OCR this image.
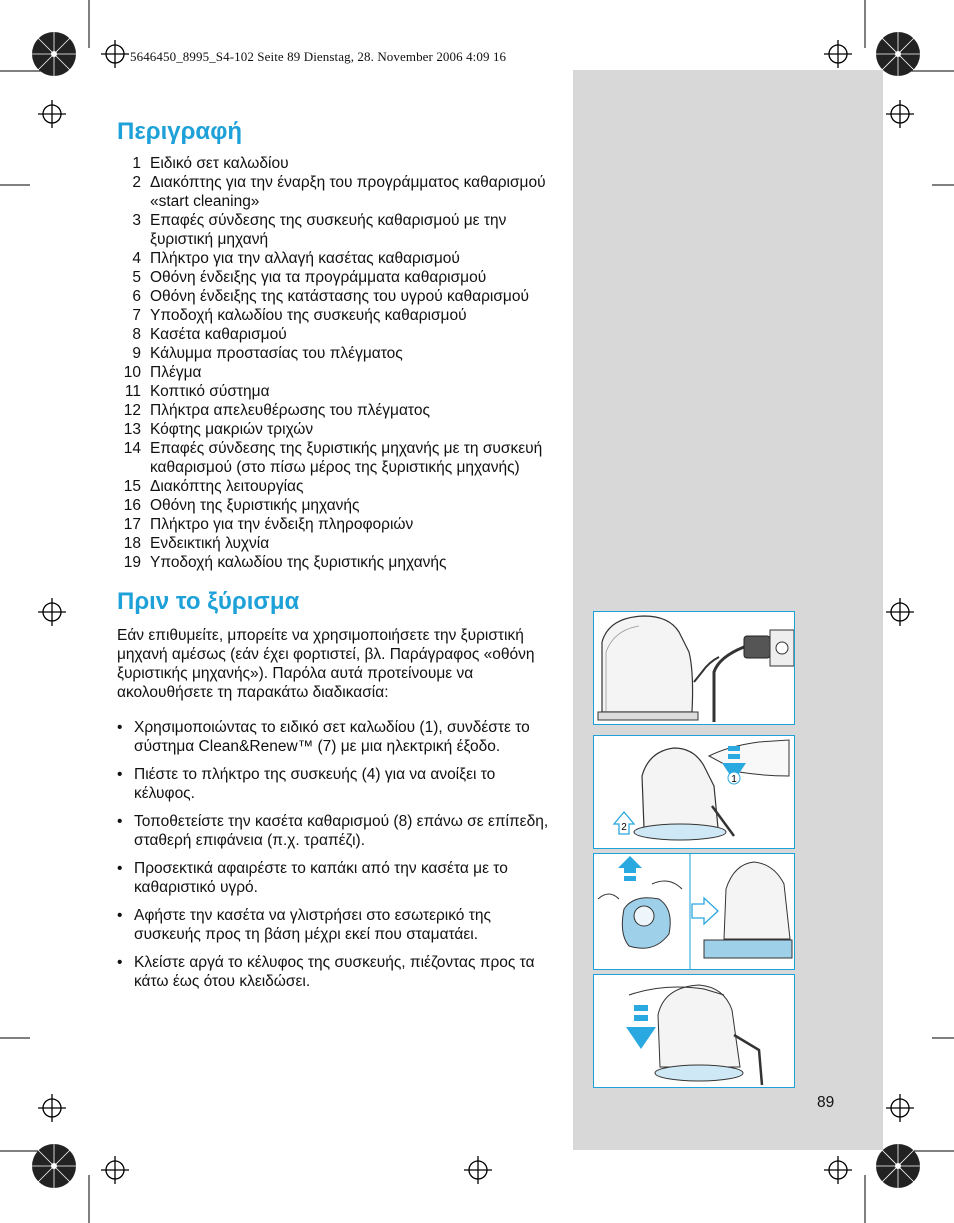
5646450_8995_S4-102 Seite 89 Dienstag, 28. November 2006 4:09 16
Περιγραφή
1 Ειδικό σετ καλωδίου
2 Διακόπτης για την έναρξη του προγράμματος καθαρισμού «start cleaning»
3 Επαφές σύνδεσης της συσκευής καθαρισμού με την ξυριστική μηχανή
4 Πλήκτρο για την αλλαγή κασέτας καθαρισμού
5 Οθόνη ένδειξης για τα προγράμματα καθαρισμού
6 Οθόνη ένδειξης της κατάστασης του υγρού καθαρισμού
7 Υποδοχή καλωδίου της συσκευής καθαρισμού
8 Κασέτα καθαρισμού
9 Κάλυμμα προστασίας του πλέγματος
10 Πλέγμα
11 Κοπτικό σύστημα
12 Πλήκτρα απελευθέρωσης του πλέγματος
13 Κόφτης μακριών τριχών
14 Επαφές σύνδεσης της ξυριστικής μηχανής με τη συσκευή καθαρισμού (στο πίσω μέρος της ξυριστικής μηχανής)
15 Διακόπτης λειτουργίας
16 Οθόνη της ξυριστικής μηχανής
17 Πλήκτρο για την ένδειξη πληροφοριών
18 Ενδεικτική λυχνία
19 Υποδοχή καλωδίου της ξυριστικής μηχανής
Πριν το ξύρισμα

Εάν επιθυμείτε, μπορείτε να χρησιμοποιήσετε την ξυριστική μηχανή αμέσως (εάν έχει φορτιστεί, βλ. Παράγραφος «οθόνη ξυριστικής μηχανής»). Παρόλα αυτά προτείνουμε να ακολουθήσετε τη παρακάτω διαδικασία:

• Χρησιμοποιώντας το ειδικό σετ καλωδίου (1), συνδέστε το σύστημα Clean&Renew™ (7) με μια ηλεκτρική έξοδο.
• Πιέστε το πλήκτρο της συσκευής (4) για να ανοίξει το κέλυφος.
• Τοποθετείστε την κασέτα καθαρισμού (8) επάνω σε επίπεδη, σταθερή επιφάνεια (π.χ. τραπέζι).
• Προσεκτικά αφαιρέστε το καπάκι από την κασέτα με το καθαριστικό υγρό.
• Αφήστε την κασέτα να γλιστρήσει στο εσωτερικό της συσκευής προς τη βάση μέχρι εκεί που σταματάει.
• Κλείστε αργά το κέλυφος της συσκευής, πιέζοντας προς τα κάτω έως ότου κλειδώσει.
1
2
89
